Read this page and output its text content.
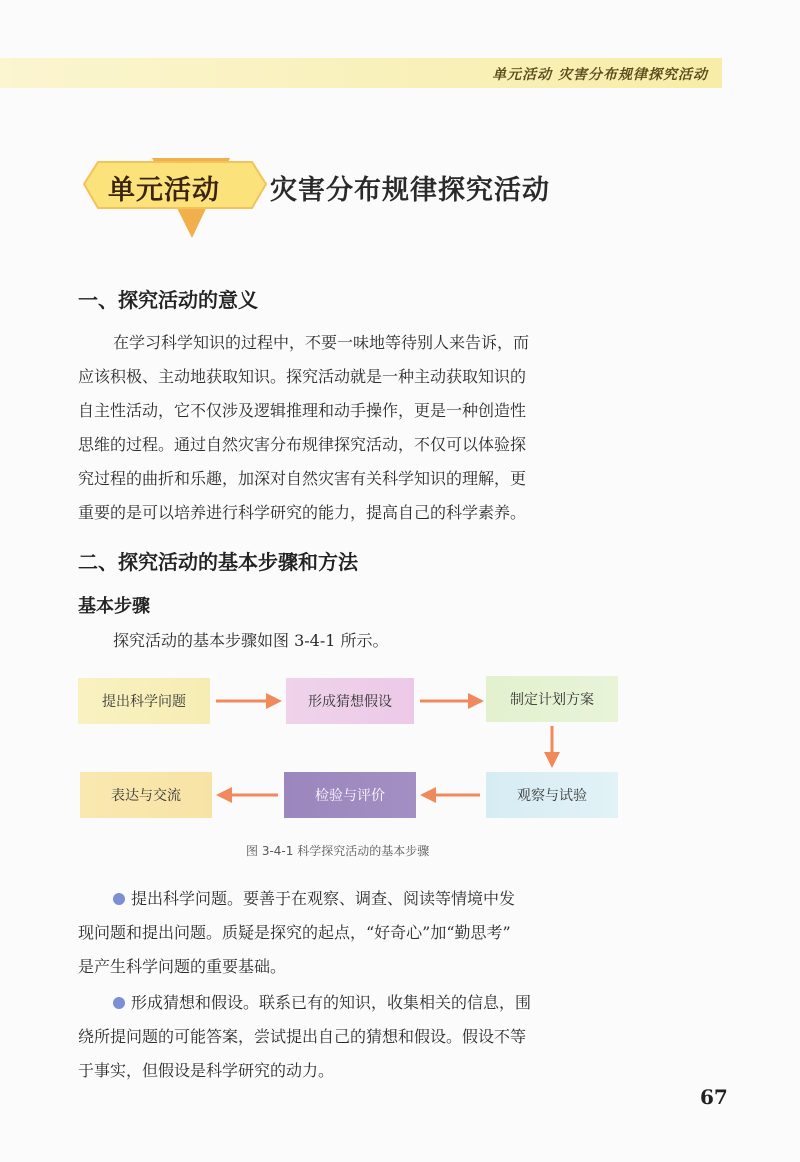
单元活动 灾害分布规律探究活动
单元活动 灾害分布规律探究活动
一、探究活动的意义
在学习科学知识的过程中，不要一味地等待别人来告诉，而
应该积极、主动地获取知识。探究活动就是一种主动获取知识的
自主性活动，它不仅涉及逻辑推理和动手操作，更是一种创造性
思维的过程。通过自然灾害分布规律探究活动，不仅可以体验探
究过程的曲折和乐趣，加深对自然灾害有关科学知识的理解，更
重要的是可以培养进行科学研究的能力，提高自己的科学素养。
二、探究活动的基本步骤和方法
基本步骤
探究活动的基本步骤如图 3-4-1 所示。
提出科学问题	形成猜想假设	制定计划方案
观察与试验
检验与评价
表达与交流
图 3-4-1 科学探究活动的基本步骤
提出科学问题。要善于在观察、调查、阅读等情境中发
现问题和提出问题。质疑是探究的起点，“好奇心”加“勤思考”
是产生科学问题的重要基础。
形成猜想和假设。联系已有的知识，收集相关的信息，围
绕所提问题的可能答案，尝试提出自己的猜想和假设。假设不等
于事实，但假设是科学研究的动力。
67
